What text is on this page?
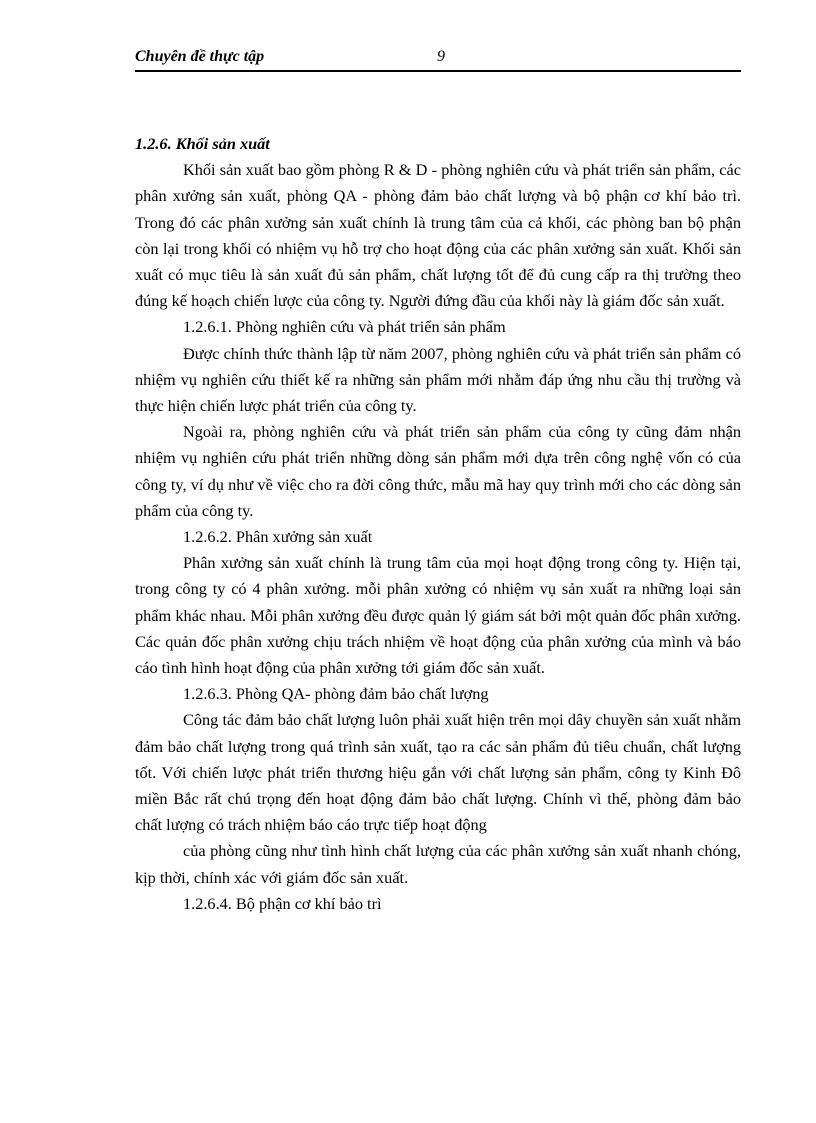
Chuyên đề thực tập	9

1.2.6. Khối sản xuất

Khối sản xuất bao gồm phòng R & D - phòng nghiên cứu và phát triển sản phẩm, các phân xưởng sản xuất, phòng QA - phòng đảm bảo chất lượng và bộ phận cơ khí bảo trì. Trong đó các phân xưởng sản xuất chính là trung tâm của cả khối, các phòng ban bộ phận còn lại trong khối có nhiệm vụ hỗ trợ cho hoạt động của các phân xưởng sản xuất. Khối sản xuất có mục tiêu là sản xuất đủ sản phẩm, chất lượng tốt để đủ cung cấp ra thị trường theo đúng kế hoạch chiến lược của công ty. Người đứng đầu của khối này là giám đốc sản xuất.

1.2.6.1. Phòng nghiên cứu và phát triển sản phẩm

Được chính thức thành lập từ năm 2007, phòng nghiên cứu và phát triển sản phẩm có nhiệm vụ nghiên cứu thiết kế ra những sản phẩm mới nhằm đáp ứng nhu cầu thị trường và thực hiện chiến lược phát triển của công ty.

Ngoài ra, phòng nghiên cứu và phát triển sản phẩm của công ty cũng đảm nhận nhiệm vụ nghiên cứu phát triển những dòng sản phẩm mới dựa trên công nghệ vốn có của công ty, ví dụ như về việc cho ra đời công thức, mẫu mã hay quy trình mới cho các dòng sản phẩm của công ty.

1.2.6.2. Phân xưởng sản xuất

Phân xưởng sản xuất chính là trung tâm của mọi hoạt động trong công ty. Hiện tại, trong công ty có 4 phân xưởng. mỗi phân xưởng có nhiệm vụ sản xuất ra những loại sản phẩm khác nhau. Mỗi phân xưởng đều được quản lý giám sát bởi một quản đốc phân xưởng. Các quản đốc phân xưởng chịu trách nhiệm về hoạt động của phân xưởng của mình và báo cáo tình hình hoạt động của phân xưởng tới giám đốc sản xuất.

1.2.6.3. Phòng QA- phòng đảm bảo chất lượng

Công tác đảm bảo chất lượng luôn phải xuất hiện trên mọi dây chuyền sản xuất nhằm đảm bảo chất lượng trong quá trình sản xuất, tạo ra các sản phẩm đủ tiêu chuẩn, chất lượng tốt. Với chiến lược phát triển thương hiệu gắn với chất lượng sản phẩm, công ty Kinh Đô miền Bắc rất chú trọng đến hoạt động đảm bảo chất lượng. Chính vì thế, phòng đảm bảo chất lượng có trách nhiệm báo cáo trực tiếp hoạt động

của phòng cũng như tình hình chất lượng của các phân xưởng sản xuất nhanh chóng, kịp thời, chính xác với giám đốc sản xuất.

1.2.6.4. Bộ phận cơ khí bảo trì
